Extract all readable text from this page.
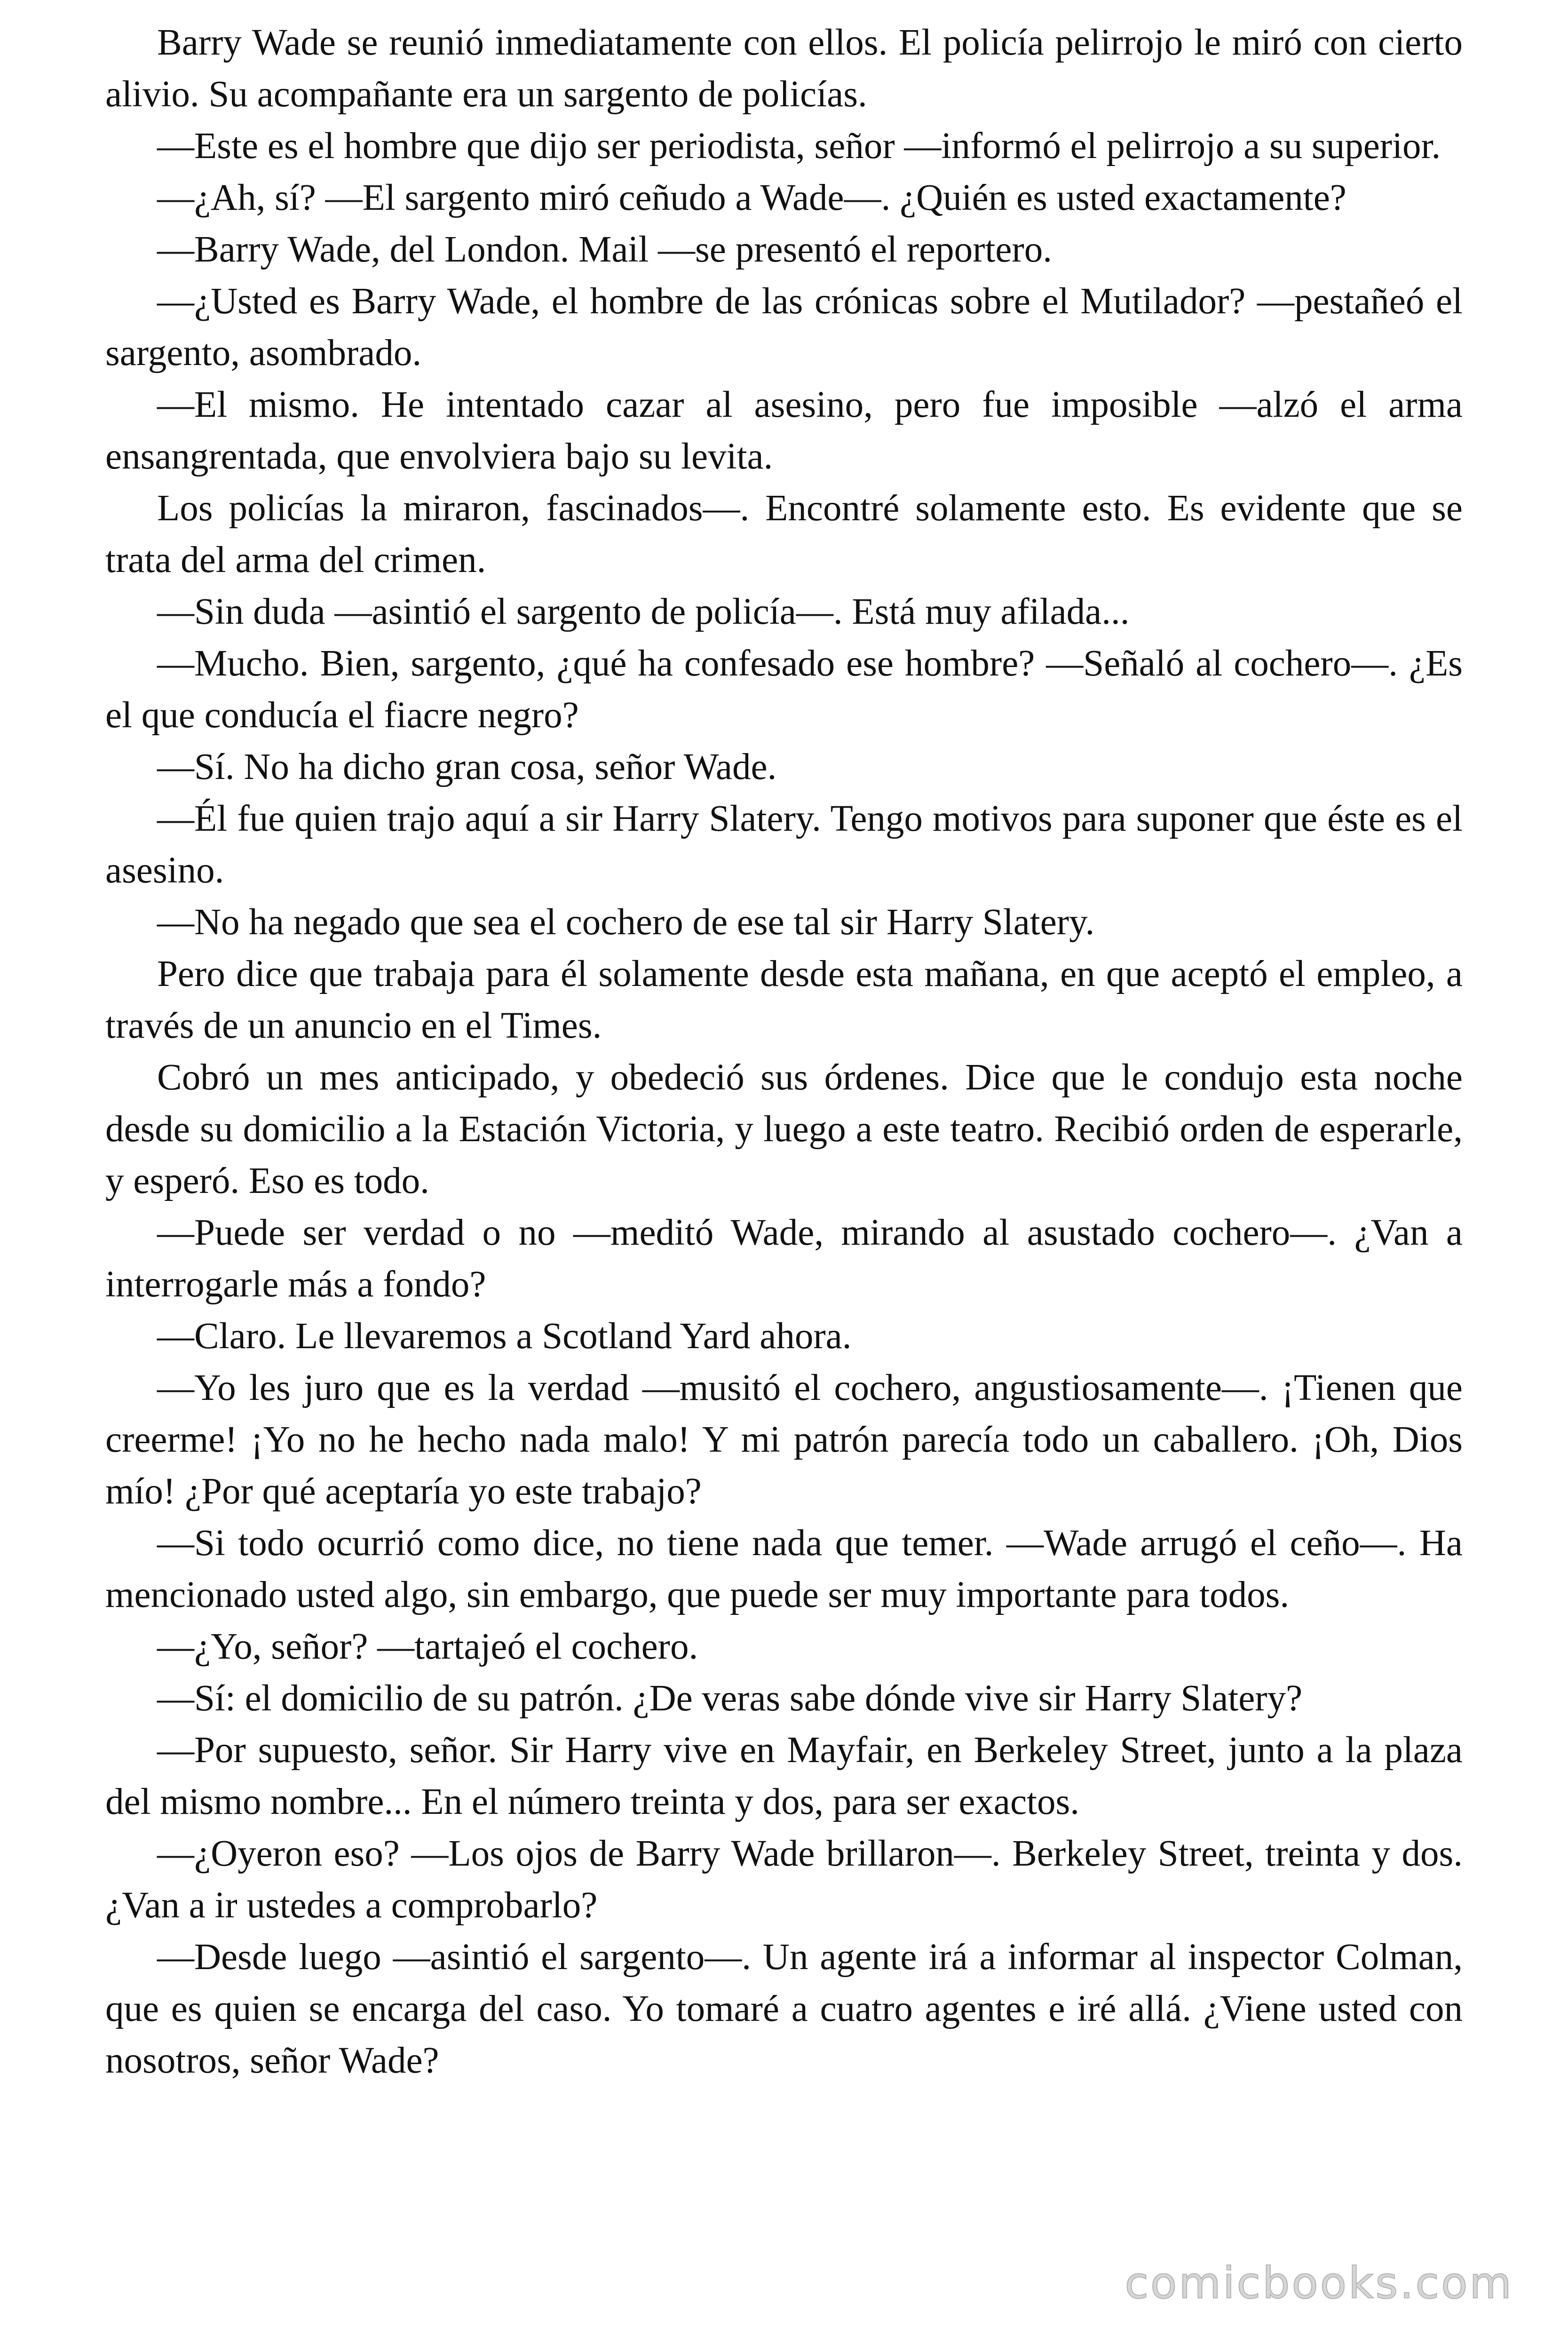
Barry Wade se reunió inmediatamente con ellos. El policía pelirrojo le miró con cierto alivio. Su acompañante era un sargento de policías.

—Este es el hombre que dijo ser periodista, señor —informó el pelirrojo a su superior.

—¿Ah, sí? —El sargento miró ceñudo a Wade—. ¿Quién es usted exactamente?

—Barry Wade, del London. Mail —se presentó el reportero.

—¿Usted es Barry Wade, el hombre de las crónicas sobre el Mutilador? —pestañeó el sargento, asombrado.

—El mismo. He intentado cazar al asesino, pero fue imposible —alzó el arma ensangrentada, que envolviera bajo su levita.

Los policías la miraron, fascinados—. Encontré solamente esto. Es evidente que se trata del arma del crimen.

—Sin duda —asintió el sargento de policía—. Está muy afilada...

—Mucho. Bien, sargento, ¿qué ha confesado ese hombre? —Señaló al cochero—. ¿Es el que conducía el fiacre negro?

—Sí. No ha dicho gran cosa, señor Wade.

—Él fue quien trajo aquí a sir Harry Slatery. Tengo motivos para suponer que éste es el asesino.

—No ha negado que sea el cochero de ese tal sir Harry Slatery.

Pero dice que trabaja para él solamente desde esta mañana, en que aceptó el empleo, a través de un anuncio en el Times.

Cobró un mes anticipado, y obedeció sus órdenes. Dice que le condujo esta noche desde su domicilio a la Estación Victoria, y luego a este teatro. Recibió orden de esperarle, y esperó. Eso es todo.

—Puede ser verdad o no —meditó Wade, mirando al asustado cochero—. ¿Van a interrogarle más a fondo?

—Claro. Le llevaremos a Scotland Yard ahora.

—Yo les juro que es la verdad —musitó el cochero, angustiosamente—. ¡Tienen que creerme! ¡Yo no he hecho nada malo! Y mi patrón parecía todo un caballero. ¡Oh, Dios mío! ¿Por qué aceptaría yo este trabajo?

—Si todo ocurrió como dice, no tiene nada que temer. —Wade arrugó el ceño—. Ha mencionado usted algo, sin embargo, que puede ser muy importante para todos.

—¿Yo, señor? —tartajeó el cochero.

—Sí: el domicilio de su patrón. ¿De veras sabe dónde vive sir Harry Slatery?

—Por supuesto, señor. Sir Harry vive en Mayfair, en Berkeley Street, junto a la plaza del mismo nombre... En el número treinta y dos, para ser exactos.

—¿Oyeron eso? —Los ojos de Barry Wade brillaron—. Berkeley Street, treinta y dos. ¿Van a ir ustedes a comprobarlo?

—Desde luego —asintió el sargento—. Un agente irá a informar al inspector Colman, que es quien se encarga del caso. Yo tomaré a cuatro agentes e iré allá. ¿Viene usted con nosotros, señor Wade?

comicbooks.com
